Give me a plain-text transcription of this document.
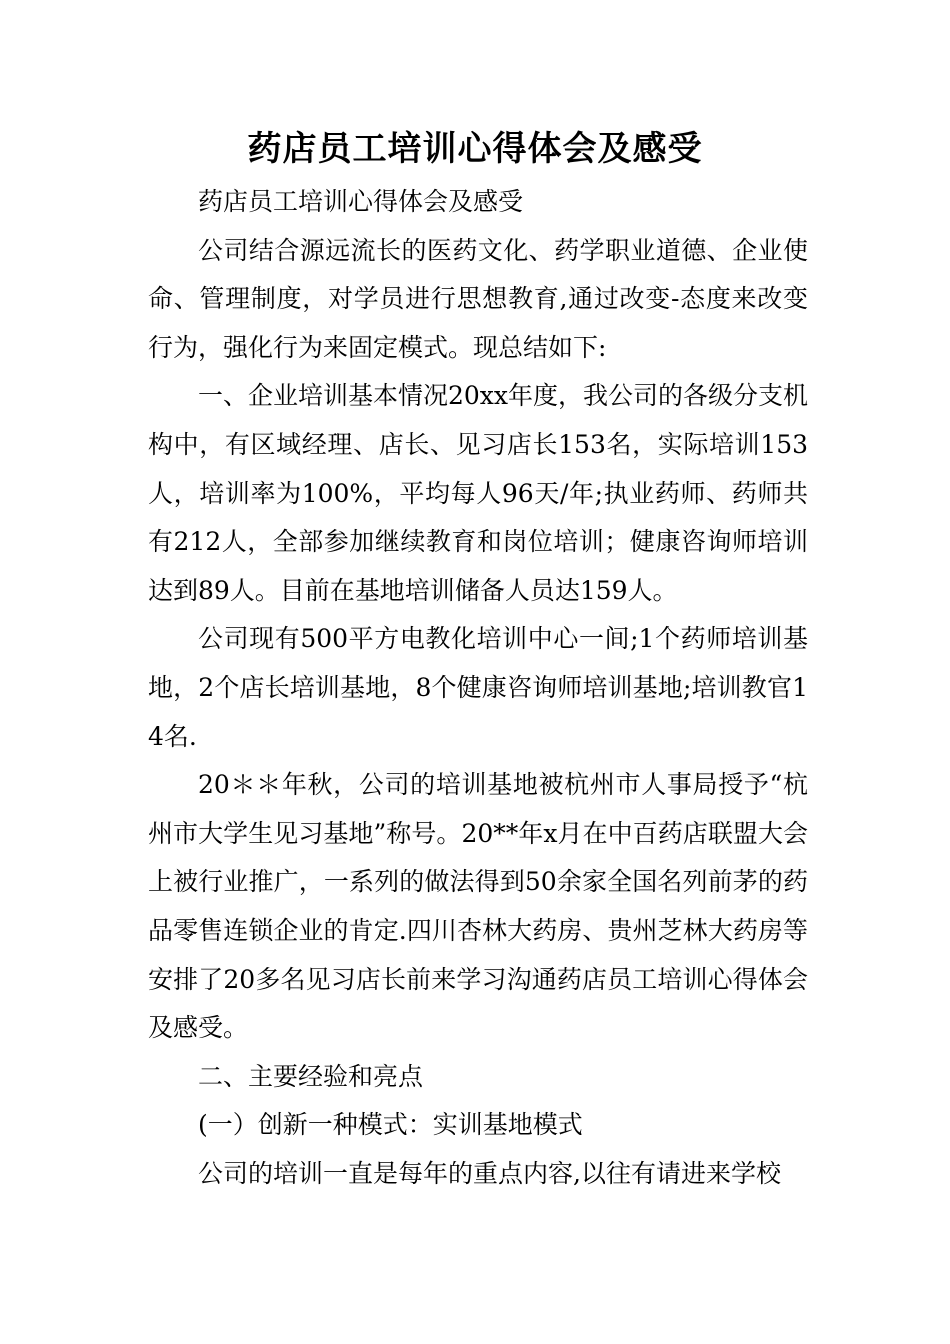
药店员工培训心得体会及感受

药店员工培训心得体会及感受

公司结合源远流长的医药文化、药学职业道德、企业使命、管理制度，对学员进行思想教育,通过改变-态度来改变行为，强化行为来固定模式。现总结如下:

一、企业培训基本情况20xx年度，我公司的各级分支机构中，有区域经理、店长、见习店长153名，实际培训153人，培训率为100%，平均每人96天/年;执业药师、药师共有212人，全部参加继续教育和岗位培训；健康咨询师培训达到89人。目前在基地培训储备人员达159人。

公司现有500平方电教化培训中心一间;1个药师培训基地，2个店长培训基地，8个健康咨询师培训基地;培训教官14名.

20＊＊年秋，公司的培训基地被杭州市人事局授予“杭州市大学生见习基地”称号。20**年x月在中百药店联盟大会上被行业推广，一系列的做法得到50余家全国名列前茅的药品零售连锁企业的肯定.四川杏林大药房、贵州芝林大药房等安排了20多名见习店长前来学习沟通药店员工培训心得体会及感受。

二、主要经验和亮点

(一）创新一种模式：实训基地模式

公司的培训一直是每年的重点内容,以往有请进来学校
